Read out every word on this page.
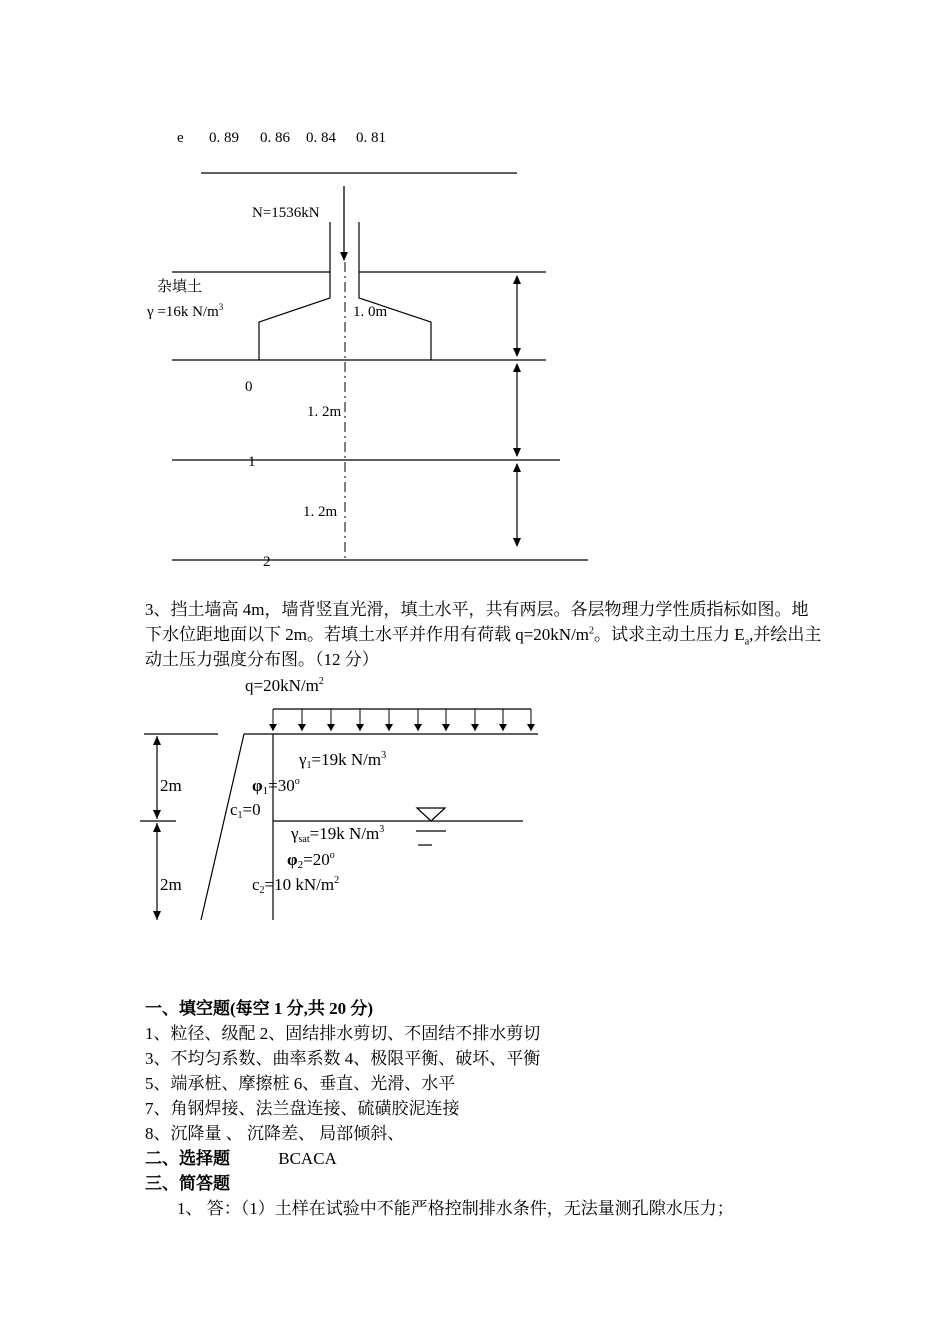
e 0. 89 0. 86 0. 84 0. 81
N=1536kN
杂填土
γ =16k $N/m^3$	1. 0m
0
1
2
1. 2m
1. 2m

3、挡土墙高 4m，墙背竖直光滑，填土水平，共有两层。各层物理力学性质指标如图。地下水位距地面以下 2m。若填土水平并作用有荷载 $q=20kN/m^2$。试求主动土压力 $E_a$,并绘出主动土压力强度分布图。（12 分）

$q=20kN/m^2$
2m
2m
γ1=19k $N/m^3$
$\varphi 1=30^o$
c1=0
γsat=19k $N/m^3$
$\varphi 2=20^o$
c2=10 $kN/m^2$
一、填空题(每空 1 分,共 20 分)
1、粒径、级配 2、固结排水剪切、不固结不排水剪切
3、不均匀系数、曲率系数 4、极限平衡、破坏、平衡
5、端承桩、摩擦桩 6、垂直、光滑、水平
7、角钢焊接、法兰盘连接、硫磺胶泥连接
8、沉降量 、 沉降差、 局部倾斜、
二、选择题	BCACA
三、简答题
1、 答：（1）土样在试验中不能严格控制排水条件，无法量测孔隙水压力；
